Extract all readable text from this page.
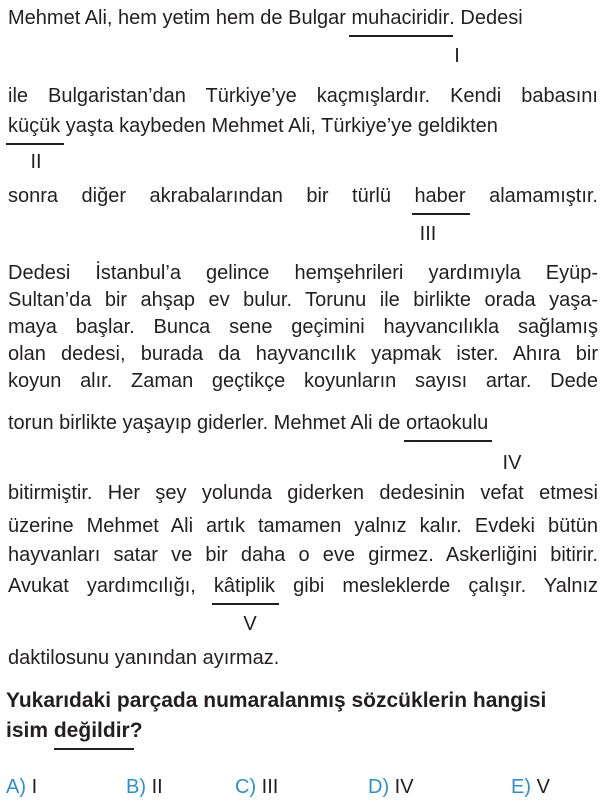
Mehmet Ali, hem yetim hem de Bulgar muhaciridir. Dedesi
I
ile Bulgaristan’dan Türkiye’ye kaçmışlardır. Kendi babasını
küçük yaşta kaybeden Mehmet Ali, Türkiye’ye geldikten
II
sonra diğer akrabalarından bir türlü haber alamamıştır.
III
Dedesi İstanbul’a gelince hemşehrileri yardımıyla Eyüp-
Sultan’da bir ahşap ev bulur. Torunu ile birlikte orada yaşa-
maya başlar. Bunca sene geçimini hayvancılıkla sağlamış
olan dedesi, burada da hayvancılık yapmak ister. Ahıra bir
koyun alır. Zaman geçtikçe koyunların sayısı artar. Dede
torun birlikte yaşayıp giderler. Mehmet Ali de ortaokulu
IV
bitirmiştir. Her şey yolunda giderken dedesinin vefat etmesi
üzerine Mehmet Ali artık tamamen yalnız kalır. Evdeki bütün
hayvanları satar ve bir daha o eve girmez. Askerliğini bitirir.
Avukat yardımcılığı, kâtiplik gibi mesleklerde çalışır. Yalnız
V
daktilosunu yanından ayırmaz.
Yukarıdaki parçada numaralanmış sözcüklerin hangisi
isim değildir?
A) I	B) II	C) III	D) IV	E) V
